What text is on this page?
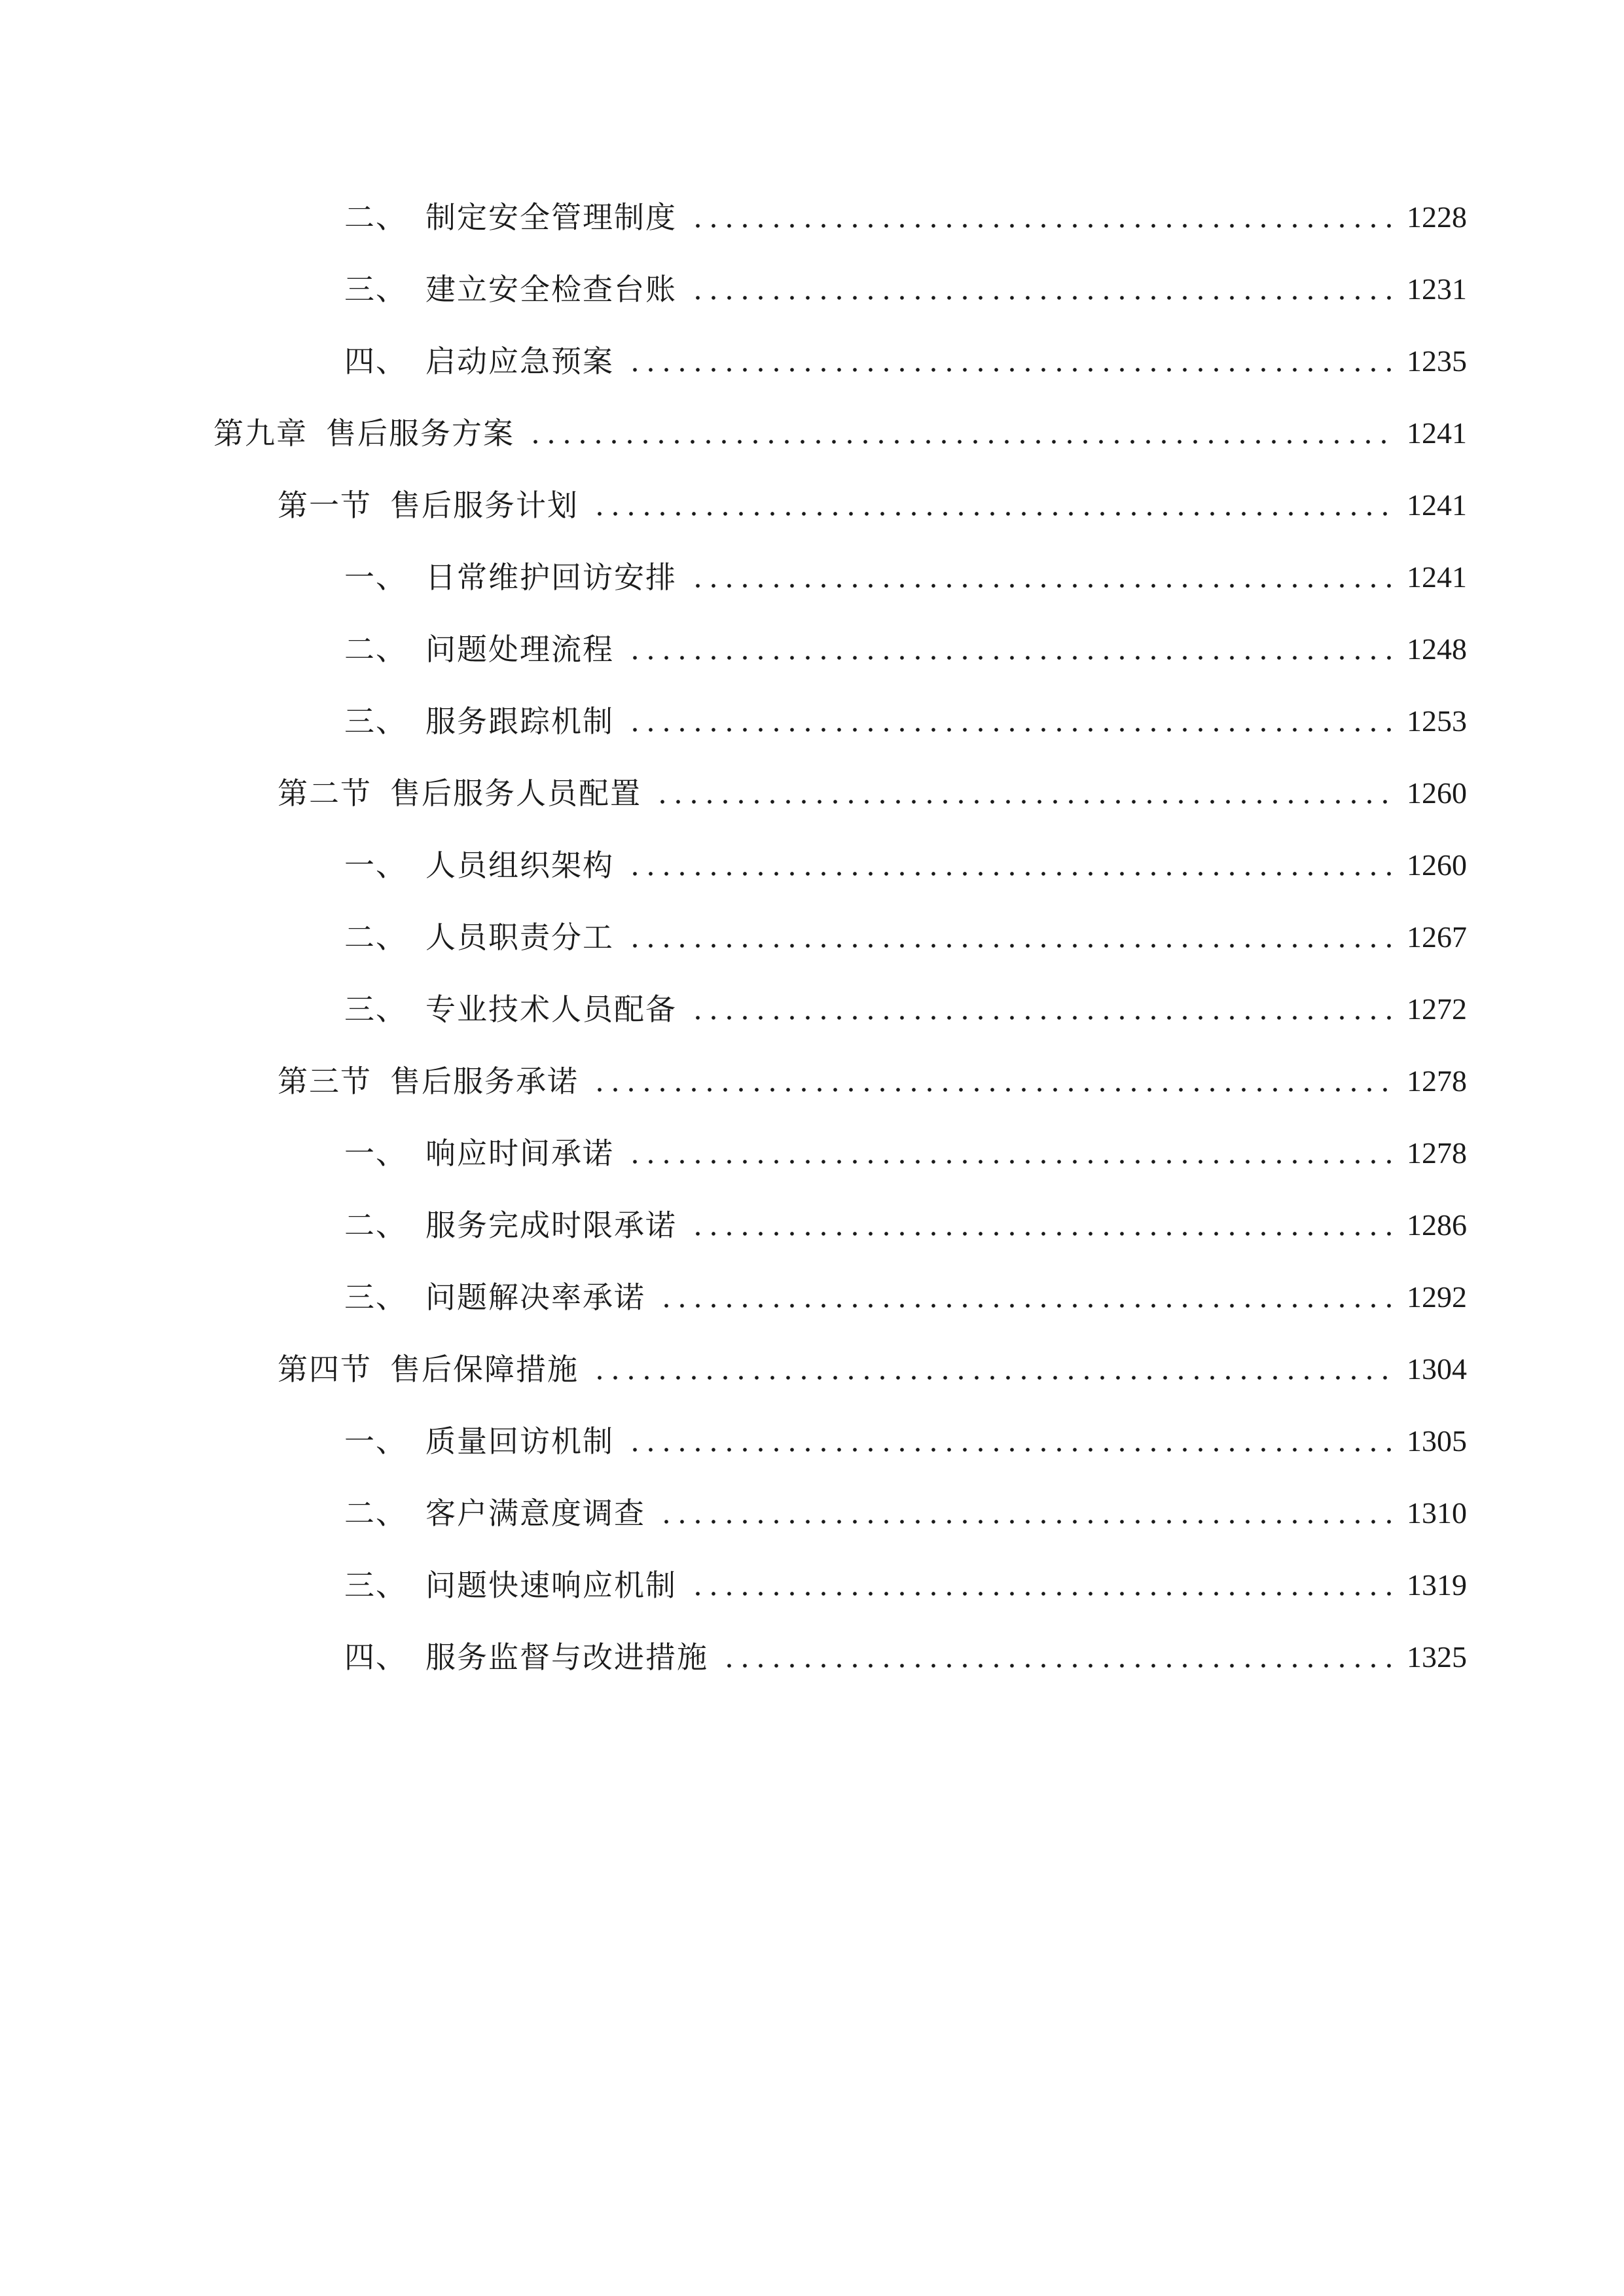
二、 制定安全管理制度	1228
三、 建立安全检查台账	1231
四、 启动应急预案	1235
第九章 售后服务方案	1241
第一节 售后服务计划	1241
一、 日常维护回访安排	1241
二、 问题处理流程	1248
三、 服务跟踪机制	1253
第二节 售后服务人员配置	1260
一、 人员组织架构	1260
二、 人员职责分工	1267
三、 专业技术人员配备	1272
第三节 售后服务承诺	1278
一、 响应时间承诺	1278
二、 服务完成时限承诺	1286
三、 问题解决率承诺	1292
第四节 售后保障措施	1304
一、 质量回访机制	1305
二、 客户满意度调查	1310
三、 问题快速响应机制	1319
四、 服务监督与改进措施	1325
